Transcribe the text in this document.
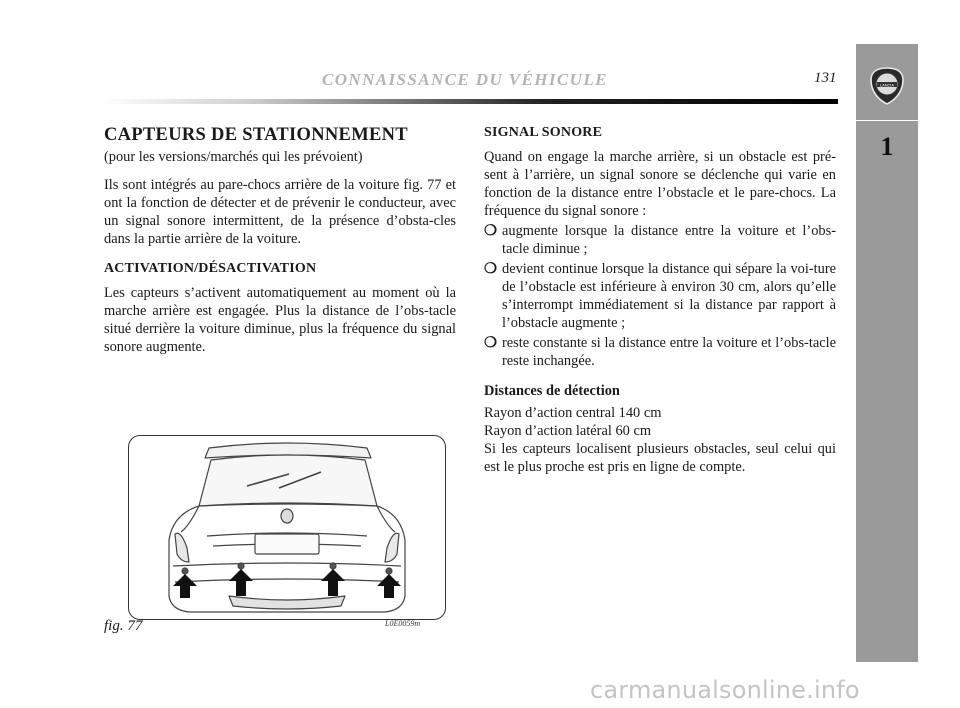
LANCIA
1
CONNAISSANCE DU VÉHICULE	131
CAPTEURS DE STATIONNEMENT
(pour les versions/marchés qui les prévoient)

Ils sont intégrés au pare-chocs arrière de la voiture fig. 77 et ont la fonction de détecter et de prévenir le conducteur, avec un signal sonore intermittent, de la présence d’obsta-cles dans la partie arrière de la voiture.

ACTIVATION/DÉSACTIVATION

Les capteurs s’activent automatiquement au moment où la marche arrière est engagée. Plus la distance de l’obs-tacle situé derrière la voiture diminue, plus la fréquence du signal sonore augmente.

SIGNAL SONORE

Quand on engage la marche arrière, si un obstacle est pré-sent à l’arrière, un signal sonore se déclenche qui varie en fonction de la distance entre l’obstacle et le pare-chocs. La fréquence du signal sonore :

❍ augmente lorsque la distance entre la voiture et l’obs-tacle diminue ;
❍ devient continue lorsque la distance qui sépare la voi-ture de l’obstacle est inférieure à environ 30 cm, alors qu’elle s’interrompt immédiatement si la distance par rapport à l’obstacle augmente ;
❍ reste constante si la distance entre la voiture et l’obs-tacle reste inchangée.
Distances de détection
Rayon d’action central 140 cm
Rayon d’action latéral 60 cm
Si les capteurs localisent plusieurs obstacles, seul celui qui est le plus proche est pris en ligne de compte.
fig. 77	L0E0059m
carmanualsonline.info
